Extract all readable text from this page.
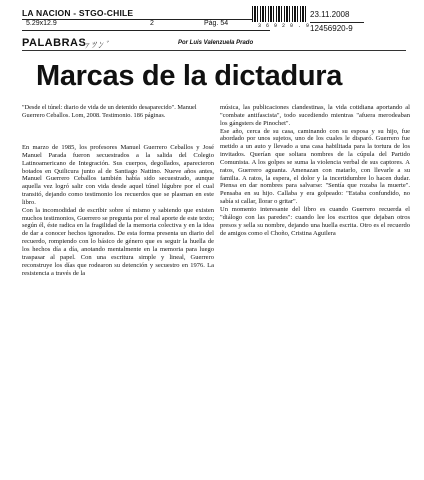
LA NACION - STGO-CHILE
5.29x12.9	2	Pág. 54	3 6 9 2 0 . 9
23.11.2008
12456920-9
PALABRAS
ﾞｧ ﾂ ﾝ ﾞ	Por Luis Valenzuela Prado
Marcas de la dictadura
"Desde el túnel: diario de vida de un detenido desaparecido". Manuel Guerrero Ceballos. Lom, 2008. Testimonio. 186 páginas.

En marzo de 1985, los profesores Manuel Guerrero Ceballos y José Manuel Parada fueron secuestrados a la salida del Colegio Latinoamericano de Integración. Sus cuerpos, degollados, aparecieron botados en Quilicura junto al de Santiago Nattino. Nueve años antes, Manuel Guerrero Ceballos también había sido secuestrado, aunque aquella vez logró salir con vida desde aquel túnel lúgubre por el cual transitó, dejando como testimonio los recuerdos que se plasman en este libro.

Con la incomodidad de escribir sobre sí mismo y sabiendo que existen muchos testimonios, Guerrero se pregunta por el real aporte de este texto; según él, éste radica en la fragilidad de la memoria colectiva y en la idea de dar a conocer hechos ignorados. De esta forma presenta un diario del recuerdo, rompiendo con lo básico de género que es seguir la huella de los hechos día a día, anotando mentalmente en la memoria para luego traspasar al papel. Con una escritura simple y lineal, Guerrero reconstruye los días que rodearon su detención y secuestro en 1976. La resistencia a través de la

música, las publicaciones clandestinas, la vida cotidiana aportando al "combate antifascista", todo sucediendo mientras "afuera merodeaban los gángsters de Pinochet".

Ese año, cerca de su casa, caminando con su esposa y su hijo, fue abordado por unos sujetos, uno de los cuales le disparó. Guerrero fue metido a un auto y llevado a una casa habilitada para la tortura de los invitados. Querían que soltara nombres de la cúpula del Partido Comunista. A los golpes se suma la violencia verbal de sus captores. A ratos, Guerrero aguanta. Amenazan con matarlo, con llevarle a su familia. A ratos, la espera, el dolor y la incertidumbre lo hacen dudar. Piensa en dar nombres para salvarse: "Sentía que rozaba la muerte". Pensaba en su hijo. Callaba y era golpeado: "Estaba confundido, no sabía si callar, llorar o gritar".

Un momento interesante del libro es cuando Guerrero recuerda el "diálogo con las paredes": cuando lee los escritos que dejaban otros presos y sella su nombre, dejando una huella escrita. Otro es el recuerdo de amigos como el Choño, Cristina Aguilera
